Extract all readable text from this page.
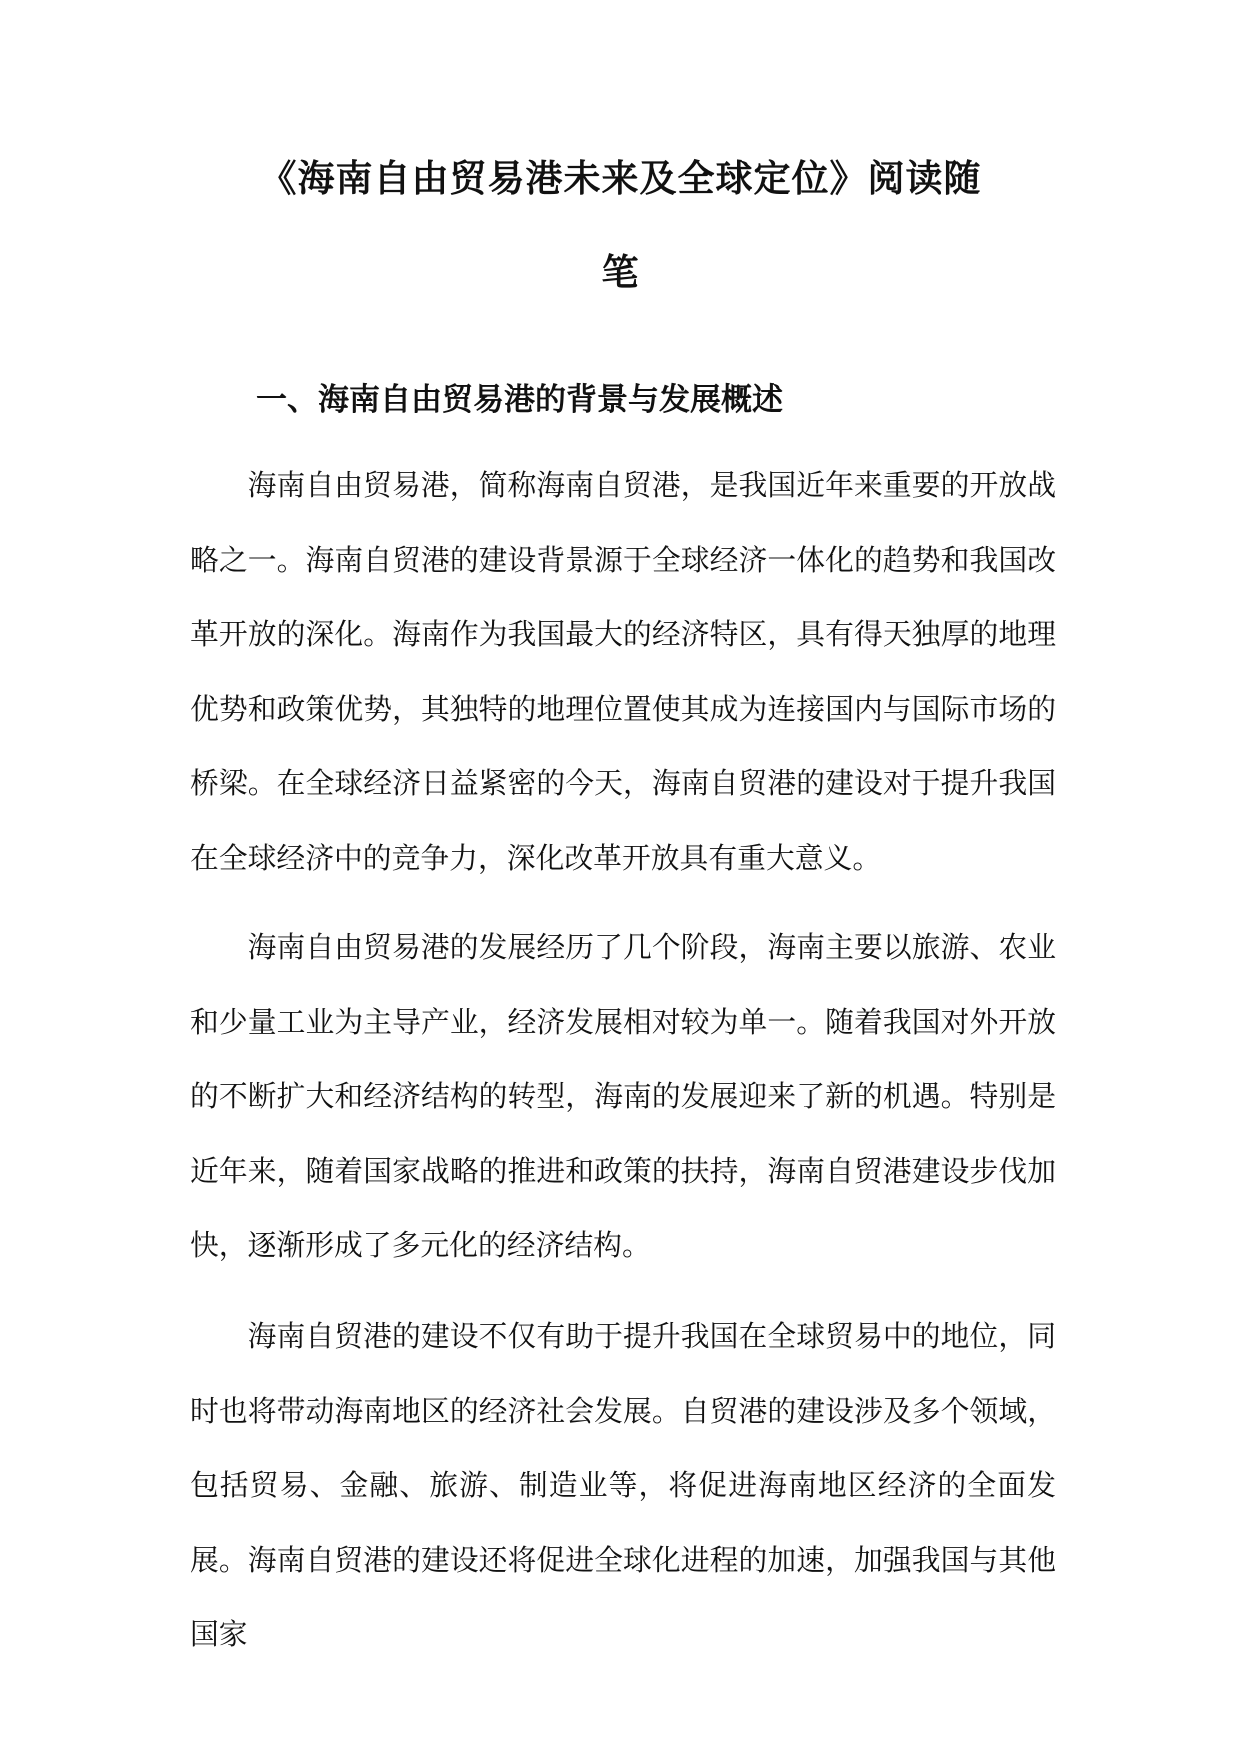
《海南自由贸易港未来及全球定位》阅读随
笔
一、海南自由贸易港的背景与发展概述

海南自由贸易港，简称海南自贸港，是我国近年来重要的开放战略之一。海南自贸港的建设背景源于全球经济一体化的趋势和我国改革开放的深化。海南作为我国最大的经济特区，具有得天独厚的地理优势和政策优势，其独特的地理位置使其成为连接国内与国际市场的桥梁。在全球经济日益紧密的今天，海南自贸港的建设对于提升我国在全球经济中的竞争力，深化改革开放具有重大意义。

海南自由贸易港的发展经历了几个阶段，海南主要以旅游、农业和少量工业为主导产业，经济发展相对较为单一。随着我国对外开放的不断扩大和经济结构的转型，海南的发展迎来了新的机遇。特别是近年来，随着国家战略的推进和政策的扶持，海南自贸港建设步伐加快，逐渐形成了多元化的经济结构。

海南自贸港的建设不仅有助于提升我国在全球贸易中的地位，同时也将带动海南地区的经济社会发展。自贸港的建设涉及多个领域，包括贸易、金融、旅游、制造业等，将促进海南地区经济的全面发展。海南自贸港的建设还将促进全球化进程的加速，加强我国与其他国家
